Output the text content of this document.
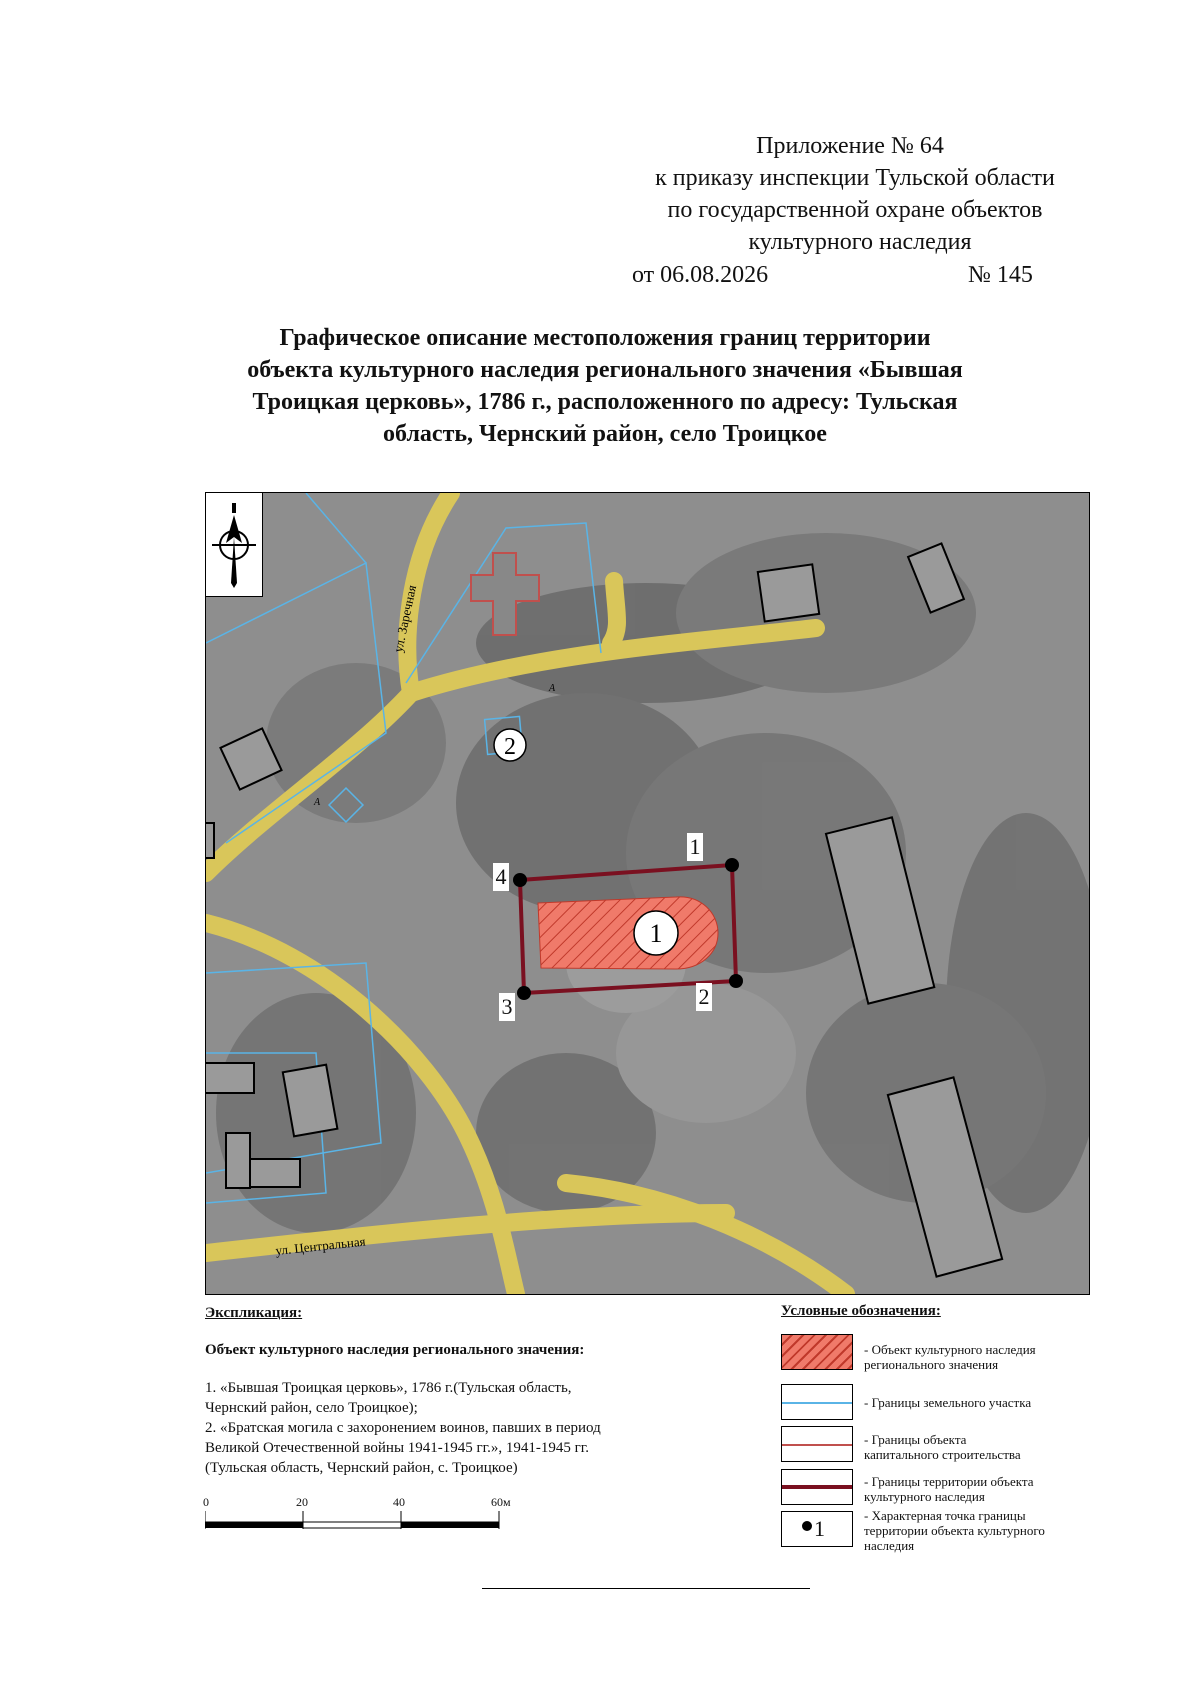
Приложение № 64
к приказу инспекции Тульской области
по государственной охране объектов
культурного наследия
от 06.08.2026	№ 145
Графическое описание местоположения границ территории
объекта культурного наследия регионального значения «Бывшая
Троицкая церковь», 1786 г., расположенного по адресу: Тульская
область, Чернский район, село Троицкое
1
2
ул. Заречная
ул. Центральная
А
А
1
2
3
4
Экспликация:
Объект культурного наследия регионального значения:
1. «Бывшая Троицкая церковь», 1786 г.(Тульская область,
Чернский район, село Троицкое);
2. «Братская могила с захоронением воинов, павших в период
Великой Отечественной войны 1941-1945 гг.», 1941-1945 гг.
(Тульская область, Чернский район, с. Троицкое)
0	20	40	60м
Условные обозначения:
- Объект культурного наследия
регионального значения
- Границы земельного участка
- Границы объекта
капитального строительства
- Границы территории объекта
культурного наследия
1
- Характерная точка границы
территории объекта культурного
наследия
